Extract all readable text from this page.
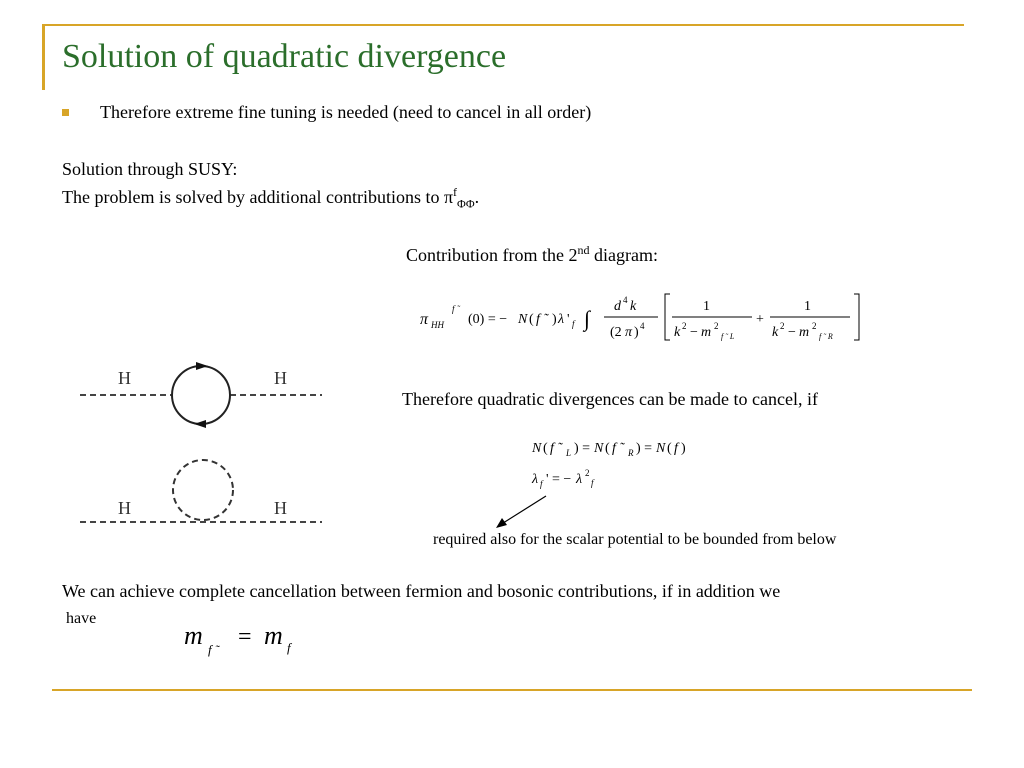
Solution of quadratic divergence
Therefore extreme fine tuning is needed (need to cancel in all order)
Solution through SUSY:
The problem is solved by additional contributions to $\pi^f_{\Phi\Phi}$.
Contribution from the 2nd diagram:
π HH
f ˜
(0) = − N ( f ˜ ) λ ' f ∫ d 4 k
(2 π ) 4
1
k 2 − m 2
f ˜ L
+
1
k 2 − m 2
f ˜ R
H	H
H	H
Therefore quadratic divergences can be made to cancel, if
N ( f ˜ L ) = N ( f ˜ R ) = N ( f )
λ f ' = − λ 2
f
required also for the scalar potential to be bounded from below
We can achieve complete cancellation between fermion and bosonic contributions, if in addition we
have
m f ˜ = m f
